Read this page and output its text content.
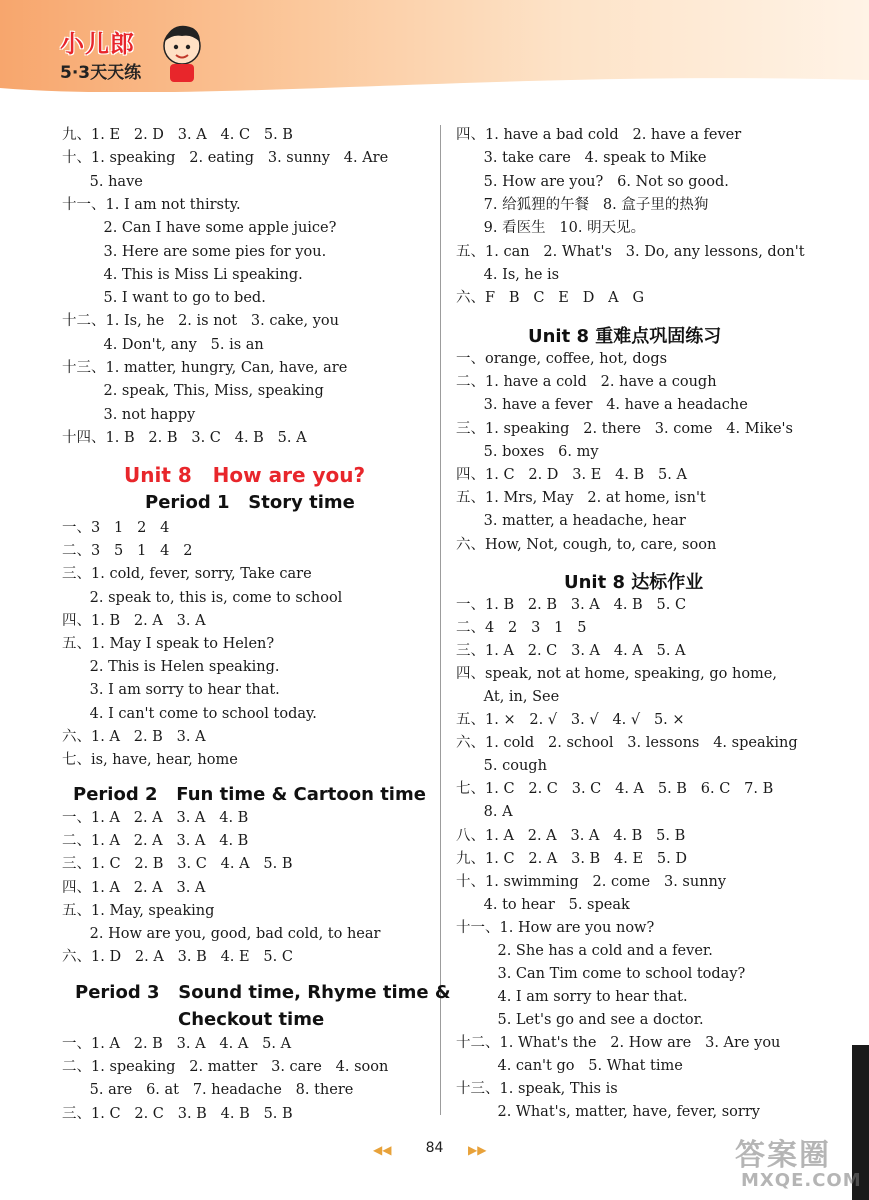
小儿郎
5·3天天练
九、1. E   2. D   3. A   4. C   5. B
十、1. speaking   2. eating   3. sunny   4. Are
5. have
十一、1. I am not thirsty.
2. Can I have some apple juice?
3. Here are some pies for you.
4. This is Miss Li speaking.
5. I want to go to bed.
十二、1. Is, he   2. is not   3. cake, you
4. Don't, any   5. is an
十三、1. matter, hungry, Can, have, are
2. speak, This, Miss, speaking
3. not happy
十四、1. B   2. B   3. C   4. B   5. A
Unit 8   How are you?
Period 1   Story time
一、3   1   2   4
二、3   5   1   4   2
三、1. cold, fever, sorry, Take care
2. speak to, this is, come to school
四、1. B   2. A   3. A
五、1. May I speak to Helen?
2. This is Helen speaking.
3. I am sorry to hear that.
4. I can't come to school today.
六、1. A   2. B   3. A
七、is, have, hear, home
Period 2   Fun time & Cartoon time
一、1. A   2. A   3. A   4. B
二、1. A   2. A   3. A   4. B
三、1. C   2. B   3. C   4. A   5. B
四、1. A   2. A   3. A
五、1. May, speaking
2. How are you, good, bad cold, to hear
六、1. D   2. A   3. B   4. E   5. C
Period 3   Sound time, Rhyme time &
Checkout time
一、1. A   2. B   3. A   4. A   5. A
二、1. speaking   2. matter   3. care   4. soon
5. are   6. at   7. headache   8. there
三、1. C   2. C   3. B   4. B   5. B
四、1. have a bad cold   2. have a fever
3. take care   4. speak to Mike
5. How are you?   6. Not so good.
7. 给狐狸的午餐   8. 盒子里的热狗
9. 看医生   10. 明天见。
五、1. can   2. What's   3. Do, any lessons, don't
4. Is, he is
六、F   B   C   E   D   A   G
Unit 8 重难点巩固练习
一、orange, coffee, hot, dogs
二、1. have a cold   2. have a cough
3. have a fever   4. have a headache
三、1. speaking   2. there   3. come   4. Mike's
5. boxes   6. my
四、1. C   2. D   3. E   4. B   5. A
五、1. Mrs, May   2. at home, isn't
3. matter, a headache, hear
六、How, Not, cough, to, care, soon
Unit 8 达标作业
一、1. B   2. B   3. A   4. B   5. C
二、4   2   3   1   5
三、1. A   2. C   3. A   4. A   5. A
四、speak, not at home, speaking, go home,
At, in, See
五、1. ×   2. √   3. √   4. √   5. ×
六、1. cold   2. school   3. lessons   4. speaking
5. cough
七、1. C   2. C   3. C   4. A   5. B   6. C   7. B
8. A
八、1. A   2. A   3. A   4. B   5. B
九、1. C   2. A   3. B   4. E   5. D
十、1. swimming   2. come   3. sunny
4. to hear   5. speak
十一、1. How are you now?
2. She has a cold and a fever.
3. Can Tim come to school today?
4. I am sorry to hear that.
5. Let's go and see a doctor.
十二、1. What's the   2. How are   3. Are you
4. can't go   5. What time
十三、1. speak, This is
2. What's, matter, have, fever, sorry
◀◀	84	▶▶	答案圈
MXQE.COM
